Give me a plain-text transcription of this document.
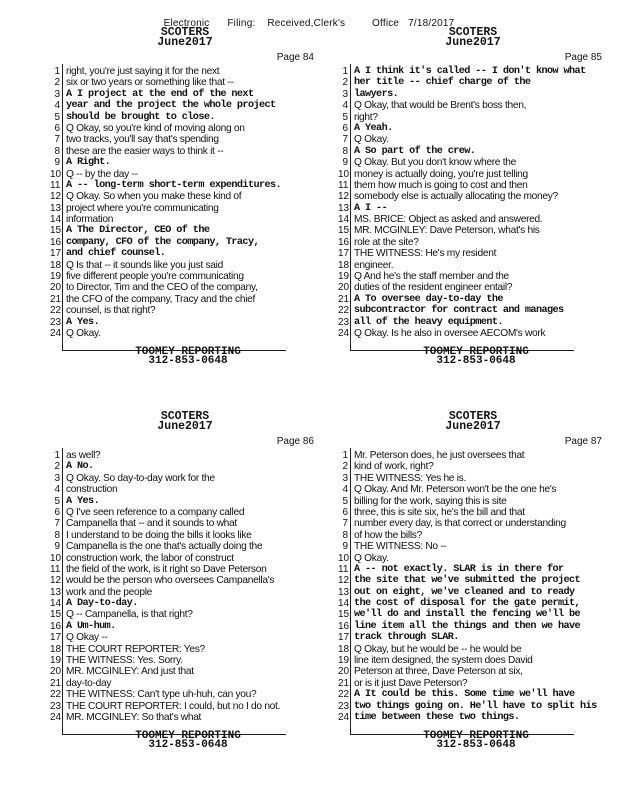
Electronic      Filing:    Received,Clerk's         Office   7/18/2017
SCOTERS
June2017
Page 84
1 right, you're just saying it for the next
2 six or two years or something like that --
3 A I project at the end of the next
4 year and the project the whole project
5 should be brought to close.
6 Q Okay, so you're kind of moving along on
7 two tracks, you'll say that's spending
8 these are the easier ways to think it --
9 A Right.
10 Q -- by the day --
11 A -- long-term short-term expenditures.
12 Q Okay. So when you make these kind of
13 project where you're communicating
14 information
15 A The Director, CEO of the
16 company, CFO of the company, Tracy,
17 and chief counsel.
18 Q Is that -- it sounds like you just said
19 five different people you're communicating
20 to Director, Tim and the CEO of the company,
21 the CFO of the company, Tracy and the chief
22 counsel, is that right?
23 A Yes.
24 Q Okay.
TOOMEY REPORTING
312-853-0648
SCOTERS
June2017
Page 85
1 A I think it's called -- I don't know what
2 her title -- chief charge of the
3 lawyers.
4 Q Okay, that would be Brent's boss then,
5 right?
6 A Yeah.
7 Q Okay.
8 A So part of the crew.
9 Q Okay. But you don't know where the
10 money is actually doing, you're just telling
11 them how much is going to cost and then
12 somebody else is actually allocating the money?
13 A I --
14 MS. BRICE: Object as asked and answered.
15 MR. MCGINLEY: Dave Peterson, what's his
16 role at the site?
17 THE WITNESS: He's my resident
18 engineer.
19 Q And he's the staff member and the
20 duties of the resident engineer entail?
21 A To oversee day-to-day the
22 subcontractor for contract and manages
23 all of the heavy equipment.
24 Q Okay. Is he also in oversee AECOM's work
TOOMEY REPORTING
312-853-0648
SCOTERS
June2017
Page 86
1 as well?
2 A No.
3 Q Okay. So day-to-day work for the
4 construction
5 A Yes.
6 Q I've seen reference to a company called
7 Campanella that -- and it sounds to what
8 I understand to be doing the bills it looks like
9 Campanella is the one that's actually doing the
10 construction work, the labor of construct
11 the field of the work, is it right so Dave Peterson
12 would be the person who oversees Campanella's
13 work and the people
14 A Day-to-day.
15 Q -- Campanella, is that right?
16 A Um-hum.
17 Q Okay --
18 THE COURT REPORTER: Yes?
19 THE WITNESS: Yes. Sorry.
20 MR. MCGINLEY: And just that
21 day-to-day
22 THE WITNESS: Can't type uh-huh, can you?
23 THE COURT REPORTER: I could, but no I do not.
24 MR. MCGINLEY: So that's what
TOOMEY REPORTING
312-853-0648
SCOTERS
June2017
Page 87
1 Mr. Peterson does, he just oversees that
2 kind of work, right?
3 THE WITNESS: Yes he is.
4 Q Okay. And Mr. Peterson won't be the one he's
5 billing for the work, saying this is site
6 three, this is site six, he's the bill and that
7 number every day, is that correct or understanding
8 of how the bills?
9 THE WITNESS: No --
10 Q Okay.
11 A -- not exactly. SLAR is in there for
12 the site that we've submitted the project
13 out on eight, we've cleaned and to ready
14 the cost of disposal for the gate permit,
15 we'll do and install the fencing we'll be
16 line item all the things and then we have
17 track through SLAR.
18 Q Okay, but he would be -- he would be
19 line item designed, the system does David
20 Peterson at three, Dave Peterson at six,
21 or is it just Dave Peterson?
22 A It could be this. Some time we'll have
23 two things going on. He'll have to split his
24 time between these two things.
TOOMEY REPORTING
312-853-0648
